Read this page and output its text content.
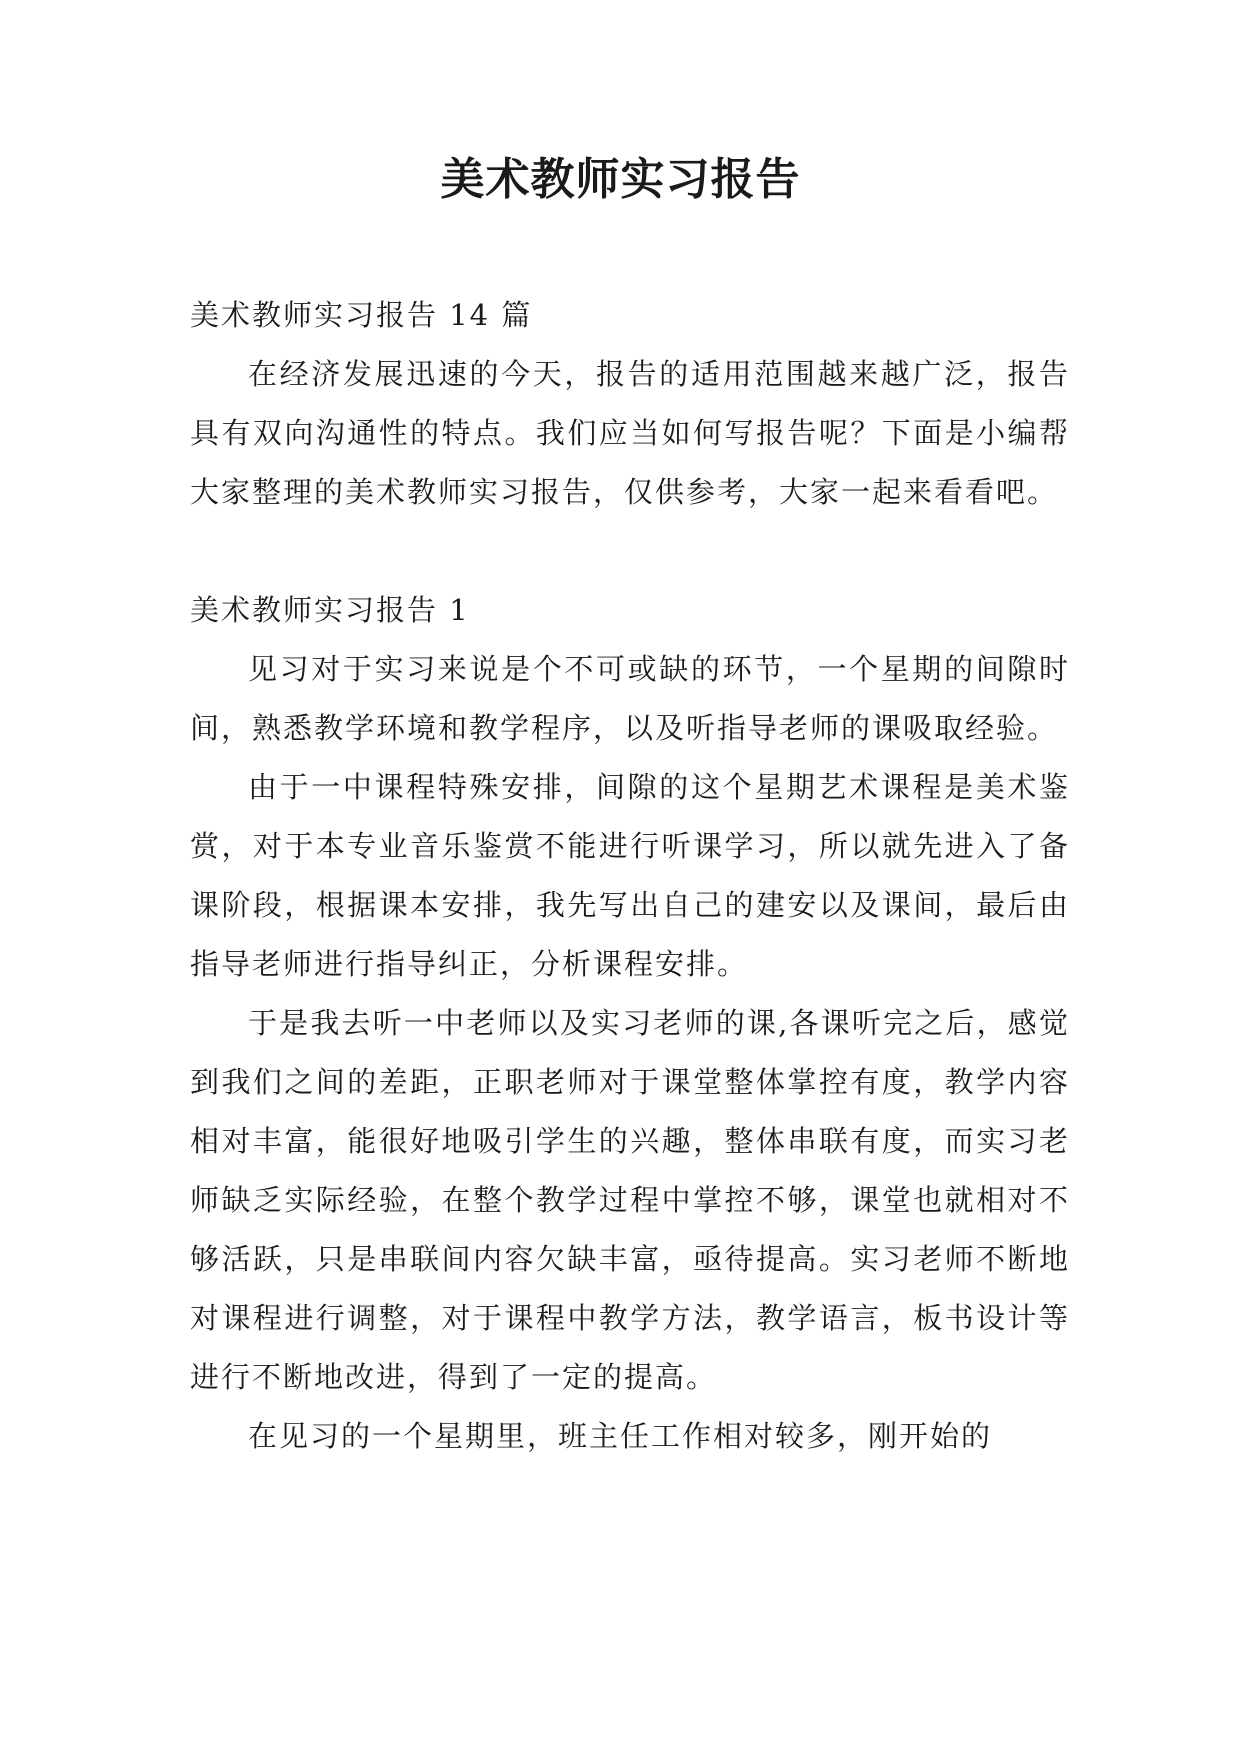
美术教师实习报告

美术教师实习报告 14 篇

在经济发展迅速的今天，报告的适用范围越来越广泛，报告具有双向沟通性的特点。我们应当如何写报告呢？下面是小编帮大家整理的美术教师实习报告，仅供参考，大家一起来看看吧。

美术教师实习报告 1

见习对于实习来说是个不可或缺的环节，一个星期的间隙时间，熟悉教学环境和教学程序，以及听指导老师的课吸取经验。

由于一中课程特殊安排，间隙的这个星期艺术课程是美术鉴赏，对于本专业音乐鉴赏不能进行听课学习，所以就先进入了备课阶段，根据课本安排，我先写出自己的建安以及课间，最后由指导老师进行指导纠正，分析课程安排。

于是我去听一中老师以及实习老师的课,各课听完之后，感觉到我们之间的差距，正职老师对于课堂整体掌控有度，教学内容相对丰富，能很好地吸引学生的兴趣，整体串联有度，而实习老师缺乏实际经验，在整个教学过程中掌控不够，课堂也就相对不够活跃，只是串联间内容欠缺丰富，亟待提高。实习老师不断地对课程进行调整，对于课程中教学方法，教学语言，板书设计等进行不断地改进，得到了一定的提高。

在见习的一个星期里，班主任工作相对较多，刚开始的
